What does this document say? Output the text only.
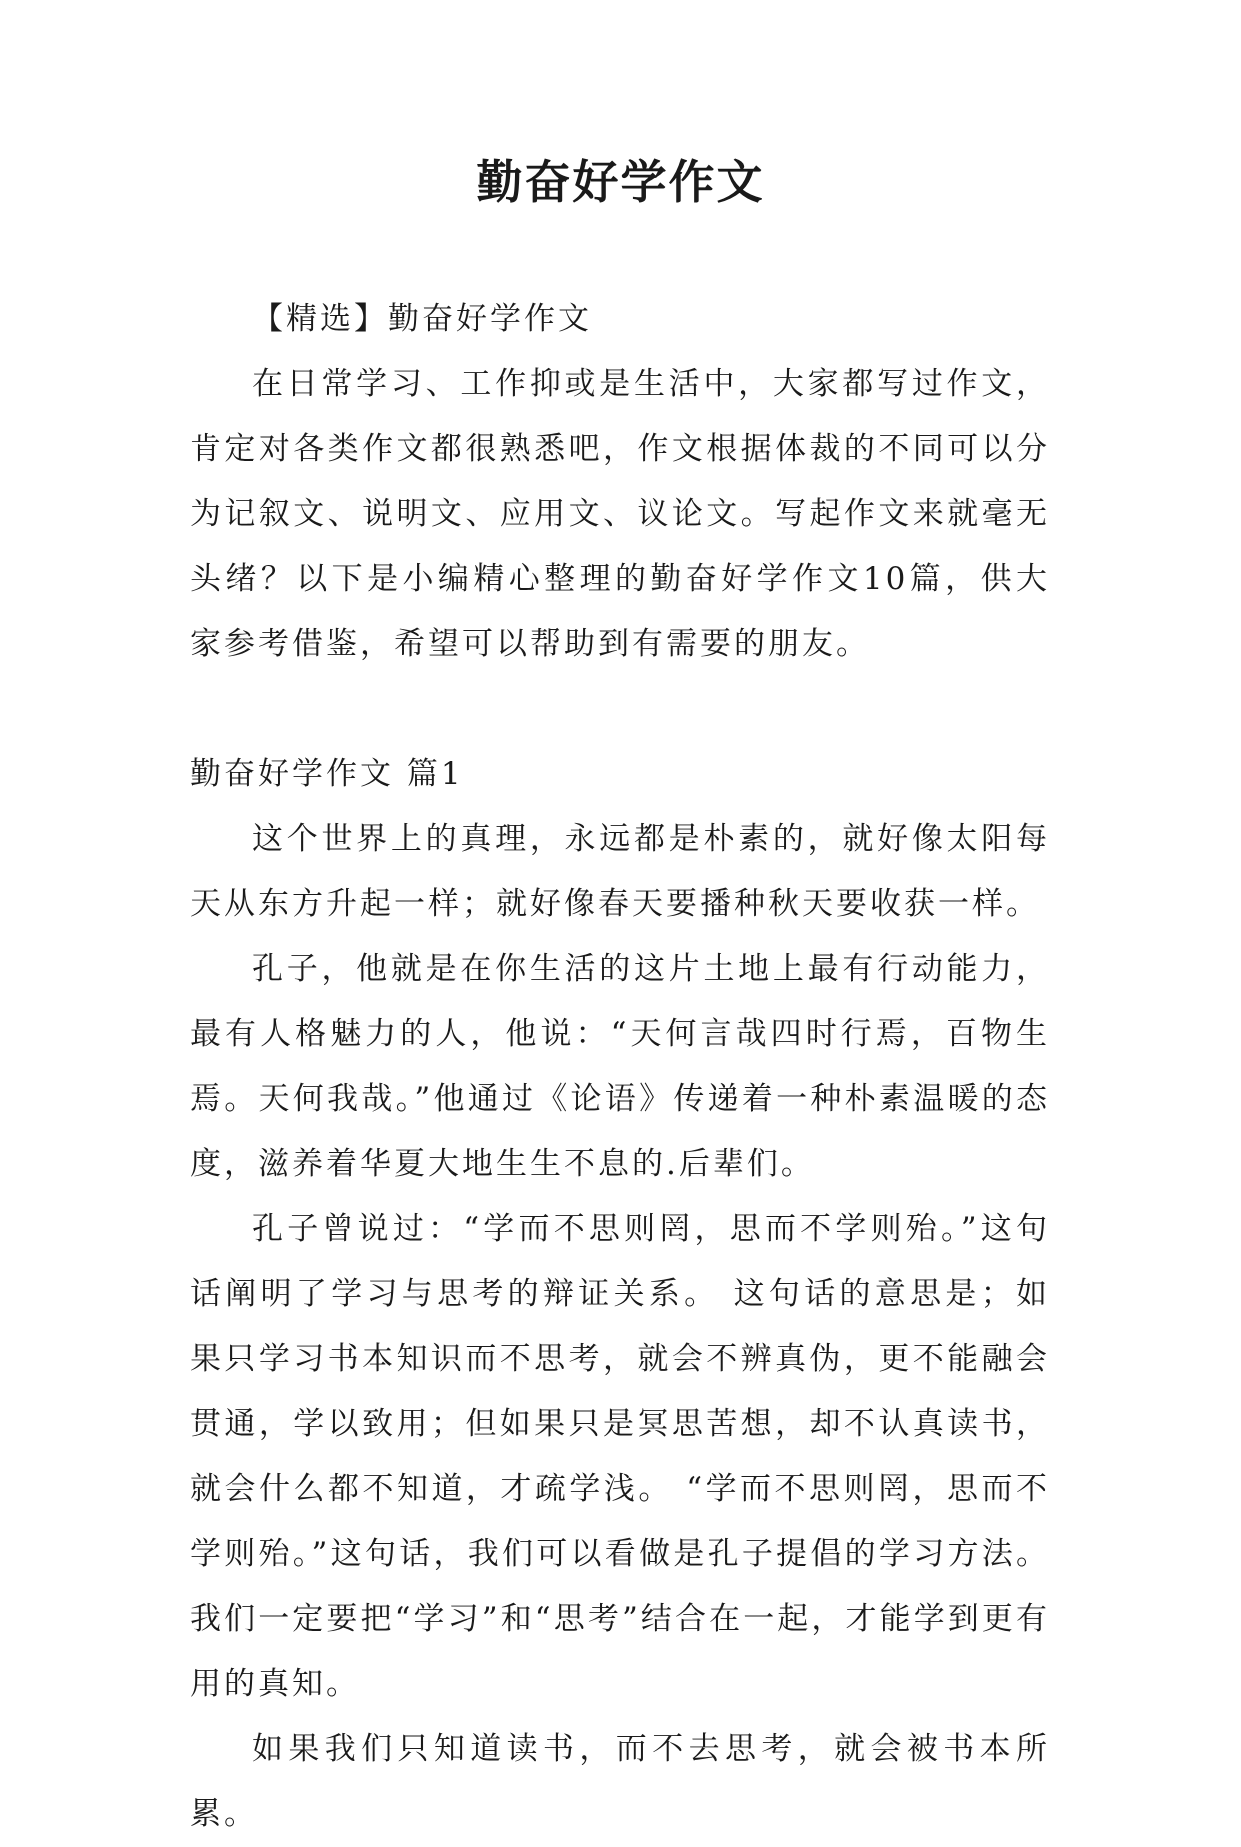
勤奋好学作文

【精选】勤奋好学作文

在日常学习、工作抑或是生活中，大家都写过作文，肯定对各类作文都很熟悉吧，作文根据体裁的不同可以分为记叙文、说明文、应用文、议论文。写起作文来就毫无头绪？以下是小编精心整理的勤奋好学作文10篇，供大家参考借鉴，希望可以帮助到有需要的朋友。

勤奋好学作文 篇1

这个世界上的真理，永远都是朴素的，就好像太阳每天从东方升起一样；就好像春天要播种秋天要收获一样。

孔子，他就是在你生活的这片土地上最有行动能力，最有人格魅力的人，他说：“天何言哉四时行焉，百物生焉。天何我哉。”他通过《论语》传递着一种朴素温暖的态度，滋养着华夏大地生生不息的.后辈们。

孔子曾说过：“学而不思则罔，思而不学则殆。”这句话阐明了学习与思考的辩证关系。 这句话的意思是；如果只学习书本知识而不思考，就会不辨真伪，更不能融会贯通，学以致用；但如果只是冥思苦想，却不认真读书，就会什么都不知道，才疏学浅。 “学而不思则罔，思而不学则殆。”这句话，我们可以看做是孔子提倡的学习方法。我们一定要把“学习”和“思考”结合在一起，才能学到更有用的真知。

如果我们只知道读书，而不去思考，就会被书本所累。
